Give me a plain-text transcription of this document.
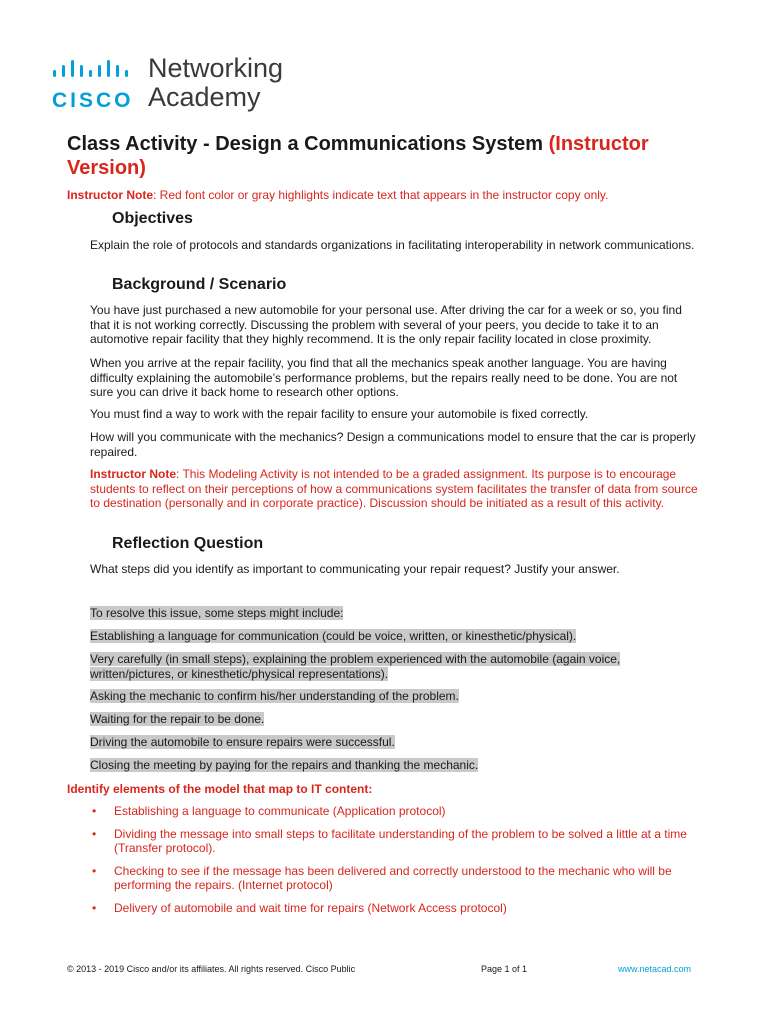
CISCO
Networking
Academy
Class Activity - Design a Communications System (Instructor
Version)
Instructor Note: Red font color or gray highlights indicate text that appears in the instructor copy only.
Objectives
Explain the role of protocols and standards organizations in facilitating interoperability in network communications.
Background / Scenario
You have just purchased a new automobile for your personal use. After driving the car for a week or so, you find that it is not working correctly. Discussing the problem with several of your peers, you decide to take it to an automotive repair facility that they highly recommend. It is the only repair facility located in close proximity.
When you arrive at the repair facility, you find that all the mechanics speak another language. You are having difficulty explaining the automobile’s performance problems, but the repairs really need to be done. You are not sure you can drive it back home to research other options.
You must find a way to work with the repair facility to ensure your automobile is fixed correctly.
How will you communicate with the mechanics? Design a communications model to ensure that the car is properly repaired.
Instructor Note: This Modeling Activity is not intended to be a graded assignment. Its purpose is to encourage students to reflect on their perceptions of how a communications system facilitates the transfer of data from source to destination (personally and in corporate practice). Discussion should be initiated as a result of this activity.
Reflection Question
What steps did you identify as important to communicating your repair request? Justify your answer.
To resolve this issue, some steps might include:
Establishing a language for communication (could be voice, written, or kinesthetic/physical).
Very carefully (in small steps), explaining the problem experienced with the automobile (again voice, written/pictures, or kinesthetic/physical representations).
Asking the mechanic to confirm his/her understanding of the problem.
Waiting for the repair to be done.
Driving the automobile to ensure repairs were successful.
Closing the meeting by paying for the repairs and thanking the mechanic.
Identify elements of the model that map to IT content:
• Establishing a language to communicate (Application protocol)
• Dividing the message into small steps to facilitate understanding of the problem to be solved a little at a time (Transfer protocol).
• Checking to see if the message has been delivered and correctly understood to the mechanic who will be performing the repairs. (Internet protocol)
• Delivery of automobile and wait time for repairs (Network Access protocol)
© 2013 - 2019 Cisco and/or its affiliates. All rights reserved. Cisco Public	Page 1 of 1	www.netacad.com
